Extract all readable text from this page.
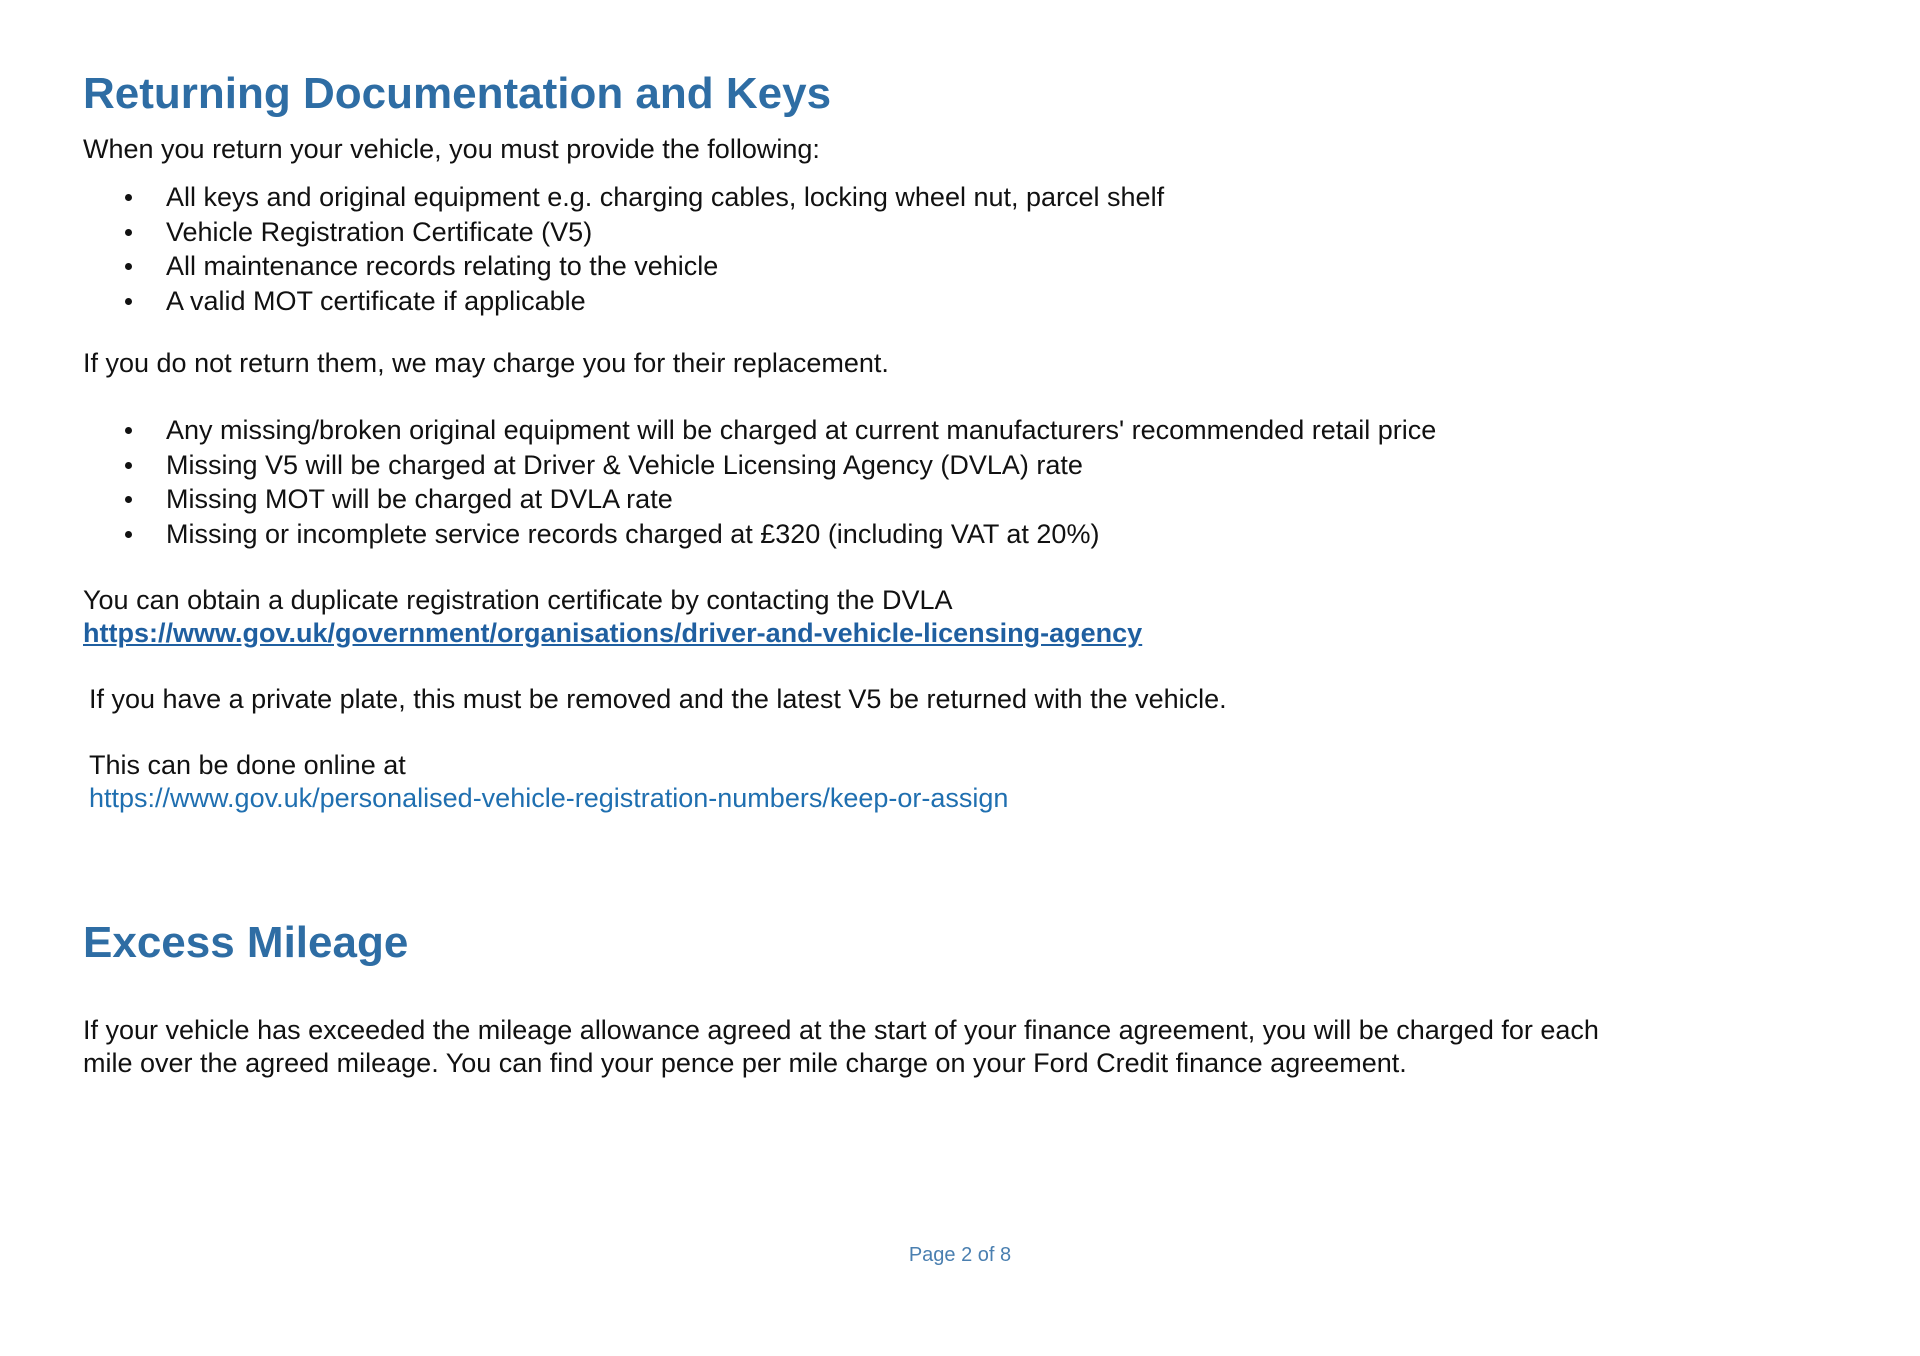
Returning Documentation and Keys

When you return your vehicle, you must provide the following:

All keys and original equipment e.g. charging cables, locking wheel nut, parcel shelf
Vehicle Registration Certificate (V5)
All maintenance records relating to the vehicle
A valid MOT certificate if applicable

If you do not return them, we may charge you for their replacement.

Any missing/broken original equipment will be charged at current manufacturers' recommended retail price
Missing V5 will be charged at Driver & Vehicle Licensing Agency (DVLA) rate
Missing MOT will be charged at DVLA rate
Missing or incomplete service records charged at £320 (including VAT at 20%)

You can obtain a duplicate registration certificate by contacting the DVLA

https://www.gov.uk/government/organisations/driver-and-vehicle-licensing-agency

If you have a private plate, this must be removed and the latest V5 be returned with the vehicle.

This can be done online at

https://www.gov.uk/personalised-vehicle-registration-numbers/keep-or-assign

Excess Mileage

If your vehicle has exceeded the mileage allowance agreed at the start of your finance agreement, you will be charged for each

mile over the agreed mileage. You can find your pence per mile charge on your Ford Credit finance agreement.

Page 2 of 8
